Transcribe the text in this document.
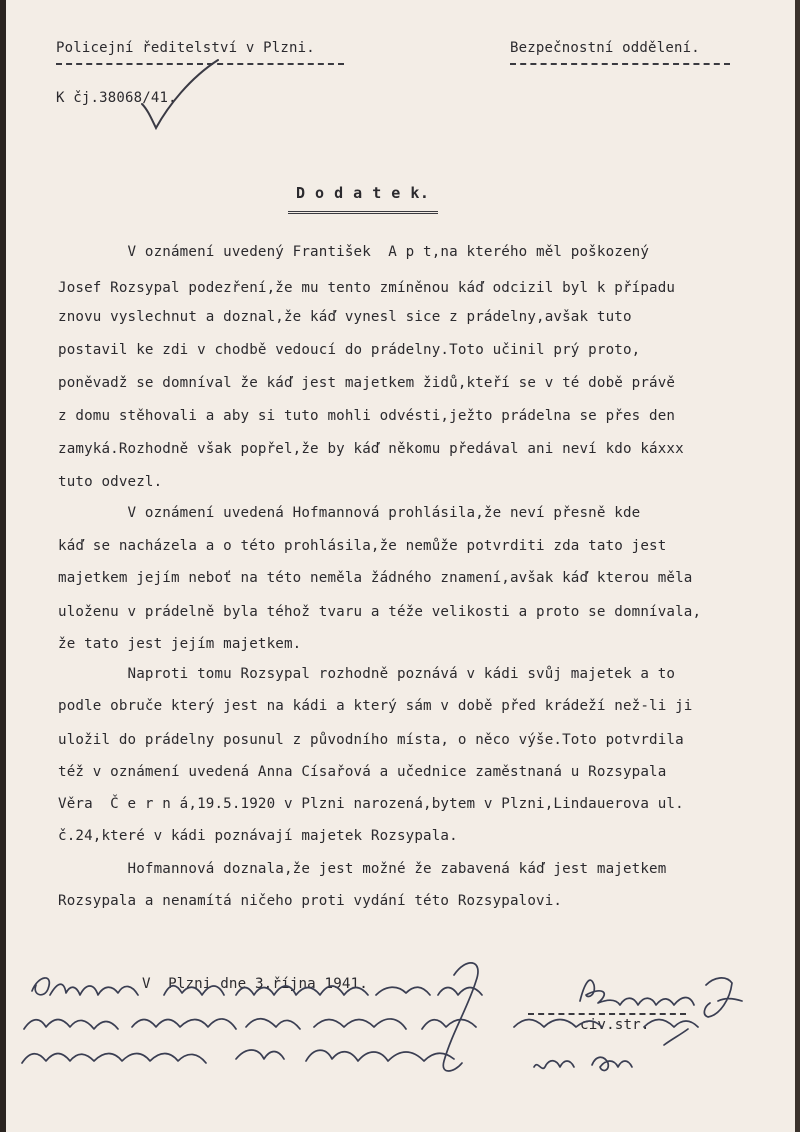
Policejní ředitelství v Plzni.	Bezpečnostní oddělení.
K čj.38068/41.
D o d a t e k.
V oznámení uvedený František  A p t,na kterého měl poškozený
Josef Rozsypal podezření,že mu tento zmíněnou káď odcizil byl k případu
znovu vyslechnut a doznal,že káď vynesl sice z prádelny,avšak tuto
postavil ke zdi v chodbě vedoucí do prádelny.Toto učinil prý proto,
poněvadž se domníval že káď jest majetkem židů,kteří se v té době právě
z domu stěhovali a aby si tuto mohli odvésti,ježto prádelna se přes den
zamyká.Rozhodně však popřel,že by káď někomu předával ani neví kdo káxxx
tuto odvezl.
V oznámení uvedená Hofmannová prohlásila,že neví přesně kde
káď se nacházela a o této prohlásila,že nemůže potvrditi zda tato jest
majetkem jejím neboť na této neměla žádného znamení,avšak káď kterou měla
uloženu v prádelně byla téhož tvaru a téže velikosti a proto se domnívala,
že tato jest jejím majetkem.
Naproti tomu Rozsypal rozhodně poznává v kádi svůj majetek a to
podle obruče který jest na kádi a který sám v době před krádeží než-li ji
uložil do prádelny posunul z původního místa, o něco výše.Toto potvrdila
též v oznámení uvedená Anna Císařová a učednice zaměstnaná u Rozsypala
Věra  Č e r n á,19.5.1920 v Plzni narozená,bytem v Plzni,Lindauerova ul.
č.24,které v kádi poznávají majetek Rozsypala.
Hofmannová doznala,že jest možné že zabavená káď jest majetkem
Rozsypala a nenamítá ničeho proti vydání této Rozsypalovi.
V  Plzni dne 3.října 1941.
civ.str.
